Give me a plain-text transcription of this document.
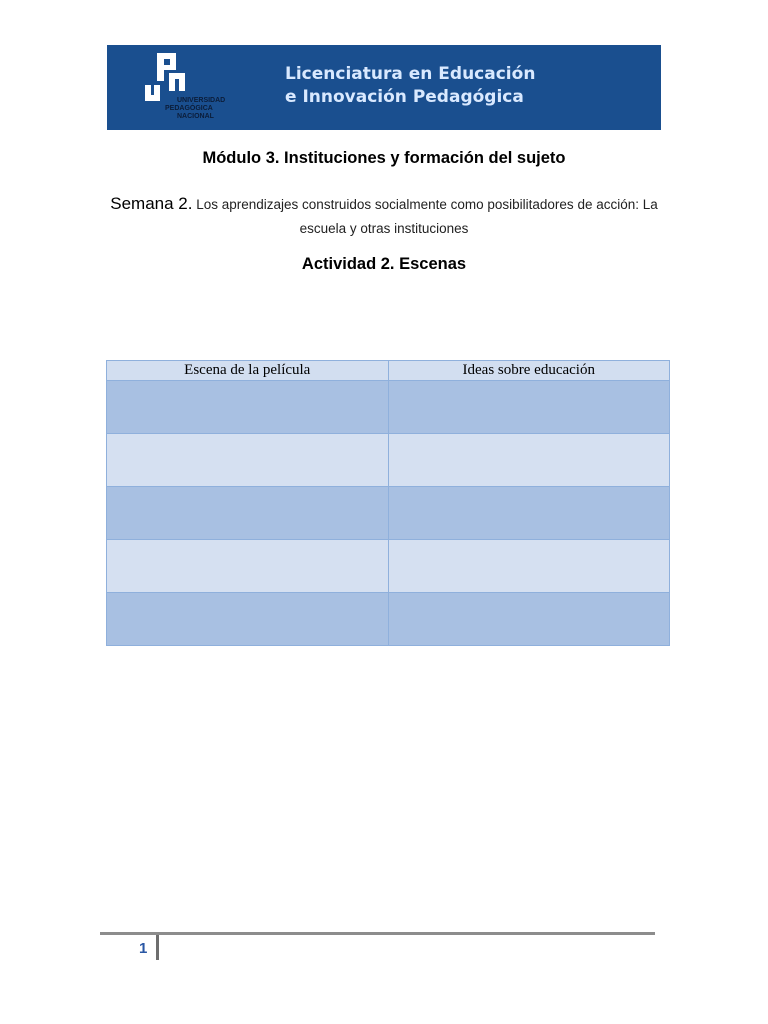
UNIVERSIDAD
PEDAGÓGICA
NACIONAL
Licenciatura en Educación
e Innovación Pedagógica
Módulo 3. Instituciones y formación del sujeto
Semana 2. Los aprendizajes construidos socialmente como posibilitadores de acción: La escuela y otras instituciones
Actividad 2. Escenas
Escena de la película	Ideas sobre educación

1
